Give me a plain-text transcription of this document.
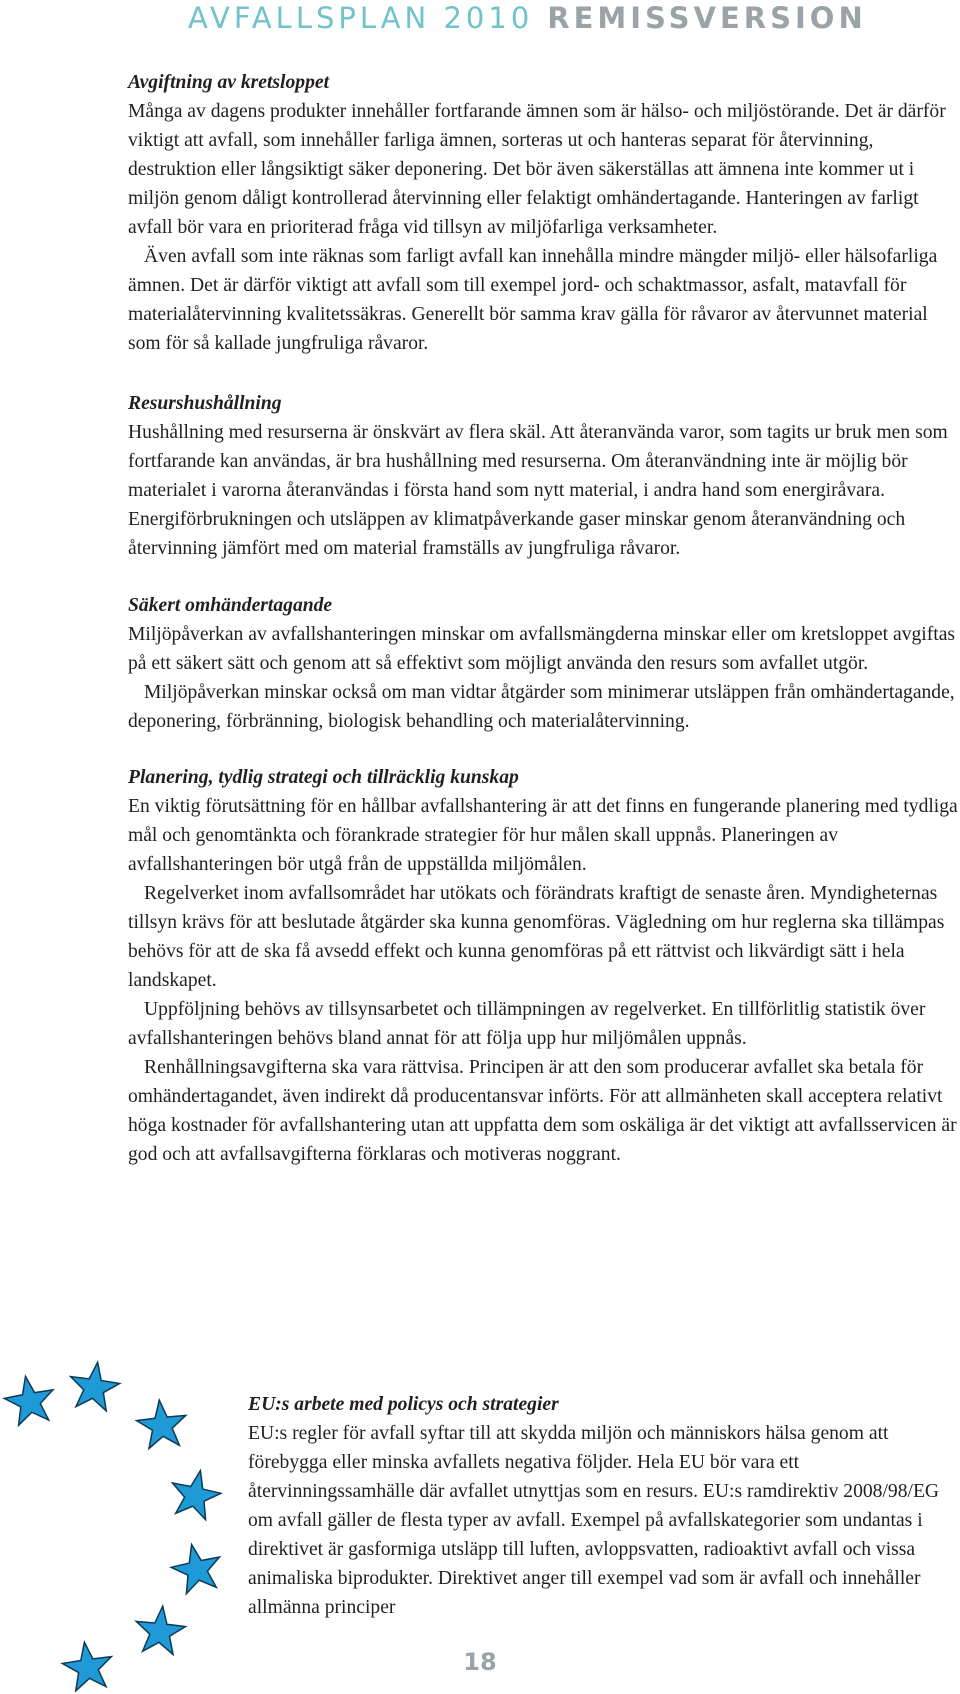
AVFALLSPLAN 2010 REMISSVERSION

Avgiftning av kretsloppet

Många av dagens produkter innehåller fortfarande ämnen som är hälso- och miljöstörande. Det är därför viktigt att avfall, som innehåller farliga ämnen, sorteras ut och hanteras separat för återvinning, destruktion eller långsiktigt säker deponering. Det bör även säkerställas att ämnena inte kommer ut i miljön genom dåligt kontrollerad återvinning eller felaktigt omhändertagande. Hanteringen av farligt avfall bör vara en prioriterad fråga vid tillsyn av miljöfarliga verksamheter.

Även avfall som inte räknas som farligt avfall kan innehålla mindre mängder miljö- eller hälsofarliga ämnen. Det är därför viktigt att avfall som till exempel jord- och schaktmassor, asfalt, matavfall för materialåtervinning kvalitetssäkras. Generellt bör samma krav gälla för råvaror av återvunnet material som för så kallade jungfruliga råvaror.

Resurshushållning

Hushållning med resurserna är önskvärt av flera skäl. Att återanvända varor, som tagits ur bruk men som fortfarande kan användas, är bra hushållning med resurserna. Om återanvändning inte är möjlig bör materialet i varorna återanvändas i första hand som nytt material, i andra hand som energiråvara. Energiförbrukningen och utsläppen av klimatpåverkande gaser minskar genom återanvändning och återvinning jämfört med om material framställs av jungfruliga råvaror.

Säkert omhändertagande

Miljöpåverkan av avfallshanteringen minskar om avfallsmängderna minskar eller om kretsloppet avgiftas på ett säkert sätt och genom att så effektivt som möjligt använda den resurs som avfallet utgör.

Miljöpåverkan minskar också om man vidtar åtgärder som minimerar utsläppen från omhändertagande, deponering, förbränning, biologisk behandling och materialåtervinning.

Planering, tydlig strategi och tillräcklig kunskap

En viktig förutsättning för en hållbar avfallshantering är att det finns en fungerande planering med tydliga mål och genomtänkta och förankrade strategier för hur målen skall uppnås. Planeringen av avfallshanteringen bör utgå från de uppställda miljömålen.

Regelverket inom avfallsområdet har utökats och förändrats kraftigt de senaste åren. Myndigheternas tillsyn krävs för att beslutade åtgärder ska kunna genomföras. Vägledning om hur reglerna ska tillämpas behövs för att de ska få avsedd effekt och kunna genomföras på ett rättvist och likvärdigt sätt i hela landskapet.

Uppföljning behövs av tillsynsarbetet och tillämpningen av regelverket. En tillförlitlig statistik över avfallshanteringen behövs bland annat för att följa upp hur miljömålen uppnås.

Renhållningsavgifterna ska vara rättvisa. Principen är att den som producerar avfallet ska betala för omhändertagandet, även indirekt då producentansvar införts. För att allmänheten skall acceptera relativt höga kostnader för avfallshantering utan att uppfatta dem som oskäliga är det viktigt att avfallsservicen är god och att avfallsavgifterna förklaras och motiveras noggrant.

EU:s arbete med policys och strategier

EU:s regler för avfall syftar till att skydda miljön och människors hälsa genom att förebygga eller minska avfallets negativa följder. Hela EU bör vara ett återvinningssamhälle där avfallet utnyttjas som en resurs. EU:s ramdirektiv 2008/98/EG om avfall gäller de flesta typer av avfall. Exempel på avfallskategorier som undantas i direktivet är gasformiga utsläpp till luften, avloppsvatten, radioaktivt avfall och vissa animaliska biprodukter. Direktivet anger till exempel vad som är avfall och innehåller allmänna principer

18
